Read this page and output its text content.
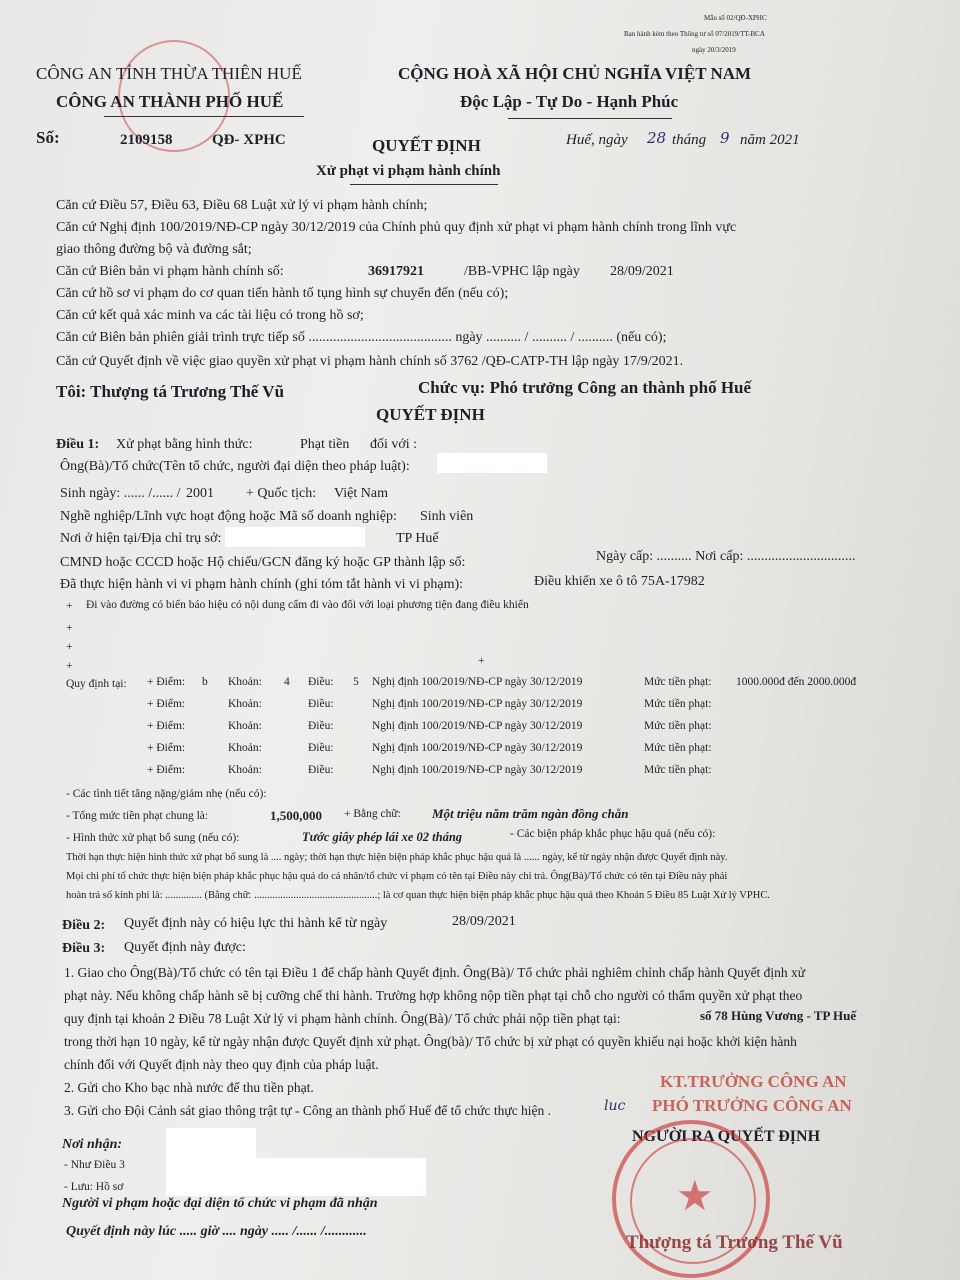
Mẫu số 02/QĐ-XPHC
Ban hành kèm theo Thông tư số 07/2019/TT-BCA
ngày 20/3/2019
CÔNG AN TỈNH THỪA THIÊN HUẾ
CÔNG AN THÀNH PHỐ HUẾ
Số:	2109158	QĐ- XPHC
CỘNG HOÀ XÃ HỘI CHỦ NGHĨA VIỆT NAM
Độc Lập - Tự Do - Hạnh Phúc
Huế, ngày 28 tháng 9 năm 2021
QUYẾT ĐỊNH
Xử phạt vi phạm hành chính
Căn cứ Điều 57, Điều 63, Điều 68 Luật xử lý vi phạm hành chính;
Căn cứ Nghị định 100/2019/NĐ-CP ngày 30/12/2019 của Chính phủ quy định xử phạt vi phạm hành chính trong lĩnh vực
giao thông đường bộ và đường sắt;
Căn cứ Biên bản vi phạm hành chính số:	36917921	/BB-VPHC lập ngày 28/09/2021
Căn cứ hồ sơ vi phạm do cơ quan tiến hành tố tụng hình sự chuyển đến (nếu có);
Căn cứ kết quả xác minh va các tài liệu có trong hồ sơ;
Căn cứ Biên bản phiên giải trình trực tiếp số ......................................... ngày .......... / .......... / .......... (nếu có);
Căn cứ Quyết định về việc giao quyền xử phạt vi phạm hành chính số 3762 /QĐ-CATP-TH lập ngày 17/9/2021.
Tôi: Thượng tá Trương Thế Vũ	Chức vụ: Phó trưởng Công an thành phố Huế
QUYẾT ĐỊNH
Điều 1: Xử phạt bằng hình thức:	Phạt tiền đối với :
Ông(Bà)/Tổ chức(Tên tổ chức, người đại diện theo pháp luật):
Sinh ngày: ...... /...... / 2001 + Quốc tịch: Việt Nam
Nghề nghiệp/Lĩnh vực hoạt động hoặc Mã số doanh nghiệp: Sinh viên
Nơi ở hiện tại/Địa chỉ trụ sở:	TP Huế
CMND hoặc CCCD hoặc Hộ chiếu/GCN đăng ký hoặc GP thành lập số:	Ngày cấp: .......... Nơi cấp: ...............................
Đã thực hiện hành vi vi phạm hành chính (ghi tóm tắt hành vi vi phạm):	Điều khiển xe ô tô 75A-17982
+ Đi vào đường có biển báo hiệu có nội dung cấm đi vào đối với loại phương tiện đang điều khiển
+
+
+	+
Quy định tại: + Điểm: b Khoản: 4 Điều: 5 Nghị định 100/2019/NĐ-CP ngày 30/12/2019	Mức tiền phạt: 1000.000đ đến 2000.000đ
+ Điểm:	Khoản:	Điều:	Nghị định 100/2019/NĐ-CP ngày 30/12/2019	Mức tiền phạt:
+ Điểm:	Khoản:	Điều:	Nghị định 100/2019/NĐ-CP ngày 30/12/2019	Mức tiền phạt:
+ Điểm:	Khoản:	Điều:	Nghị định 100/2019/NĐ-CP ngày 30/12/2019	Mức tiền phạt:
+ Điểm:	Khoản:	Điều:	Nghị định 100/2019/NĐ-CP ngày 30/12/2019	Mức tiền phạt:
- Các tình tiết tăng nặng/giảm nhẹ (nếu có):
- Tổng mức tiền phạt chung là:	1,500,000 + Bằng chữ: Một triệu năm trăm ngàn đồng chẵn
- Hình thức xử phạt bổ sung (nếu có):	Tước giấy phép lái xe 02 tháng	- Các biện pháp khắc phục hậu quả (nếu có):
Thời hạn thực hiện hình thức xử phạt bổ sung là .... ngày; thời hạn thực hiện biện pháp khắc phục hậu quả là ...... ngày, kể từ ngày nhận được Quyết định này.
Mọi chi phí tổ chức thực hiện biện pháp khắc phục hậu quả do cá nhân/tổ chức vi phạm có tên tại Điều này chi trả. Ông(Bà)/Tổ chức có tên tại Điều này phải
hoàn trả số kinh phí là: .............. (Bằng chữ: ...............................................; là cơ quan thực hiện biện pháp khắc phục hậu quả theo Khoản 5 Điều 85 Luật Xử lý VPHC.
Điều 2: Quyết định này có hiệu lực thi hành kể từ ngày	28/09/2021
Điều 3: Quyết định này được:
1. Giao cho Ông(Bà)/Tổ chức có tên tại Điều 1 để chấp hành Quyết định. Ông(Bà)/ Tổ chức phải nghiêm chỉnh chấp hành Quyết định xử
phạt này. Nếu không chấp hành sẽ bị cưỡng chế thi hành. Trường hợp không nộp tiền phạt tại chỗ cho người có thẩm quyền xử phạt theo
quy định tại khoản 2 Điều 78 Luật Xử lý vi phạm hành chính. Ông(Bà)/ Tổ chức phải nộp tiền phạt tại:	số 78 Hùng Vương - TP Huế
trong thời hạn 10 ngày, kể từ ngày nhận được Quyết định xử phạt. Ông(bà)/ Tổ chức bị xử phạt có quyền khiếu nại hoặc khởi kiện hành
chính đối với Quyết định này theo quy định của pháp luật.
2. Gửi cho Kho bạc nhà nước để thu tiền phạt.
3. Gửi cho Đội Cảnh sát giao thông trật tự - Công an thành phố Huế để tổ chức thực hiện .	luc
Nơi nhận:
- Như Điều 3
- Lưu: Hồ sơ
KT.TRƯỞNG CÔNG AN
PHÓ TRƯỞNG CÔNG AN
NGƯỜI RA QUYẾT ĐỊNH
★
Thượng tá Trương Thế Vũ
Người vi phạm hoặc đại diện tổ chức vi phạm đã nhận
Quyết định này lúc ..... giờ .... ngày ..... /...... /............
